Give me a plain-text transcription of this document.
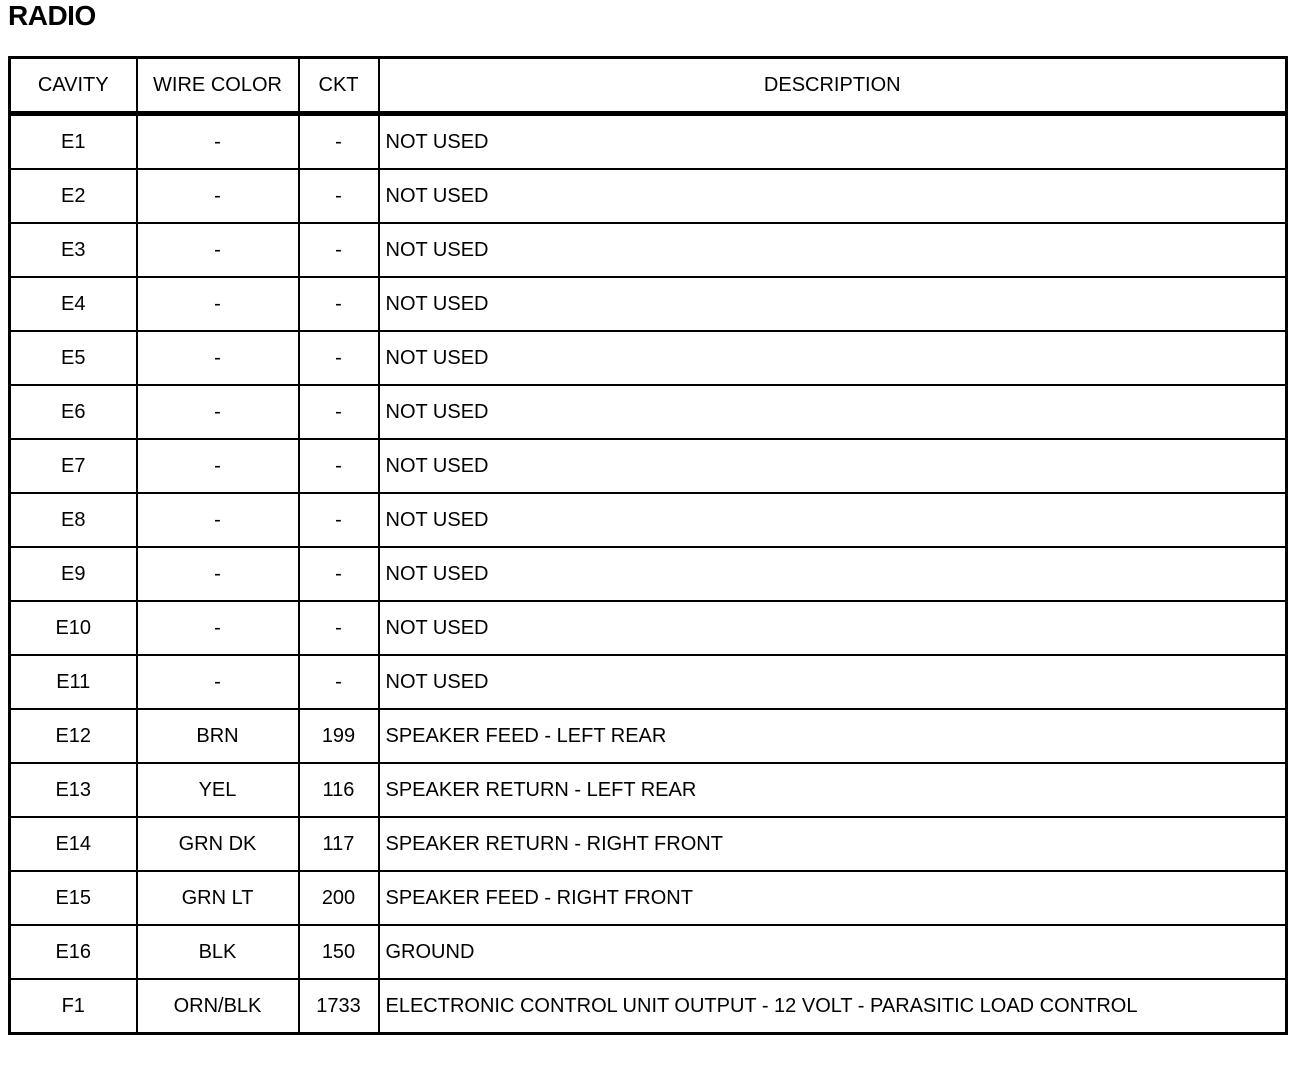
RADIO
CAVITY	WIRE COLOR	CKT	DESCRIPTION
E1	-	-	NOT USED
E2	-	-	NOT USED
E3	-	-	NOT USED
E4	-	-	NOT USED
E5	-	-	NOT USED
E6	-	-	NOT USED
E7	-	-	NOT USED
E8	-	-	NOT USED
E9	-	-	NOT USED
E10	-	-	NOT USED
E11	-	-	NOT USED
E12	BRN	199	SPEAKER FEED - LEFT REAR
E13	YEL	116	SPEAKER RETURN - LEFT REAR
E14	GRN DK	117	SPEAKER RETURN - RIGHT FRONT
E15	GRN LT	200	SPEAKER FEED - RIGHT FRONT
E16	BLK	150	GROUND
F1	ORN/BLK	1733	ELECTRONIC CONTROL UNIT OUTPUT - 12 VOLT - PARASITIC LOAD CONTROL
